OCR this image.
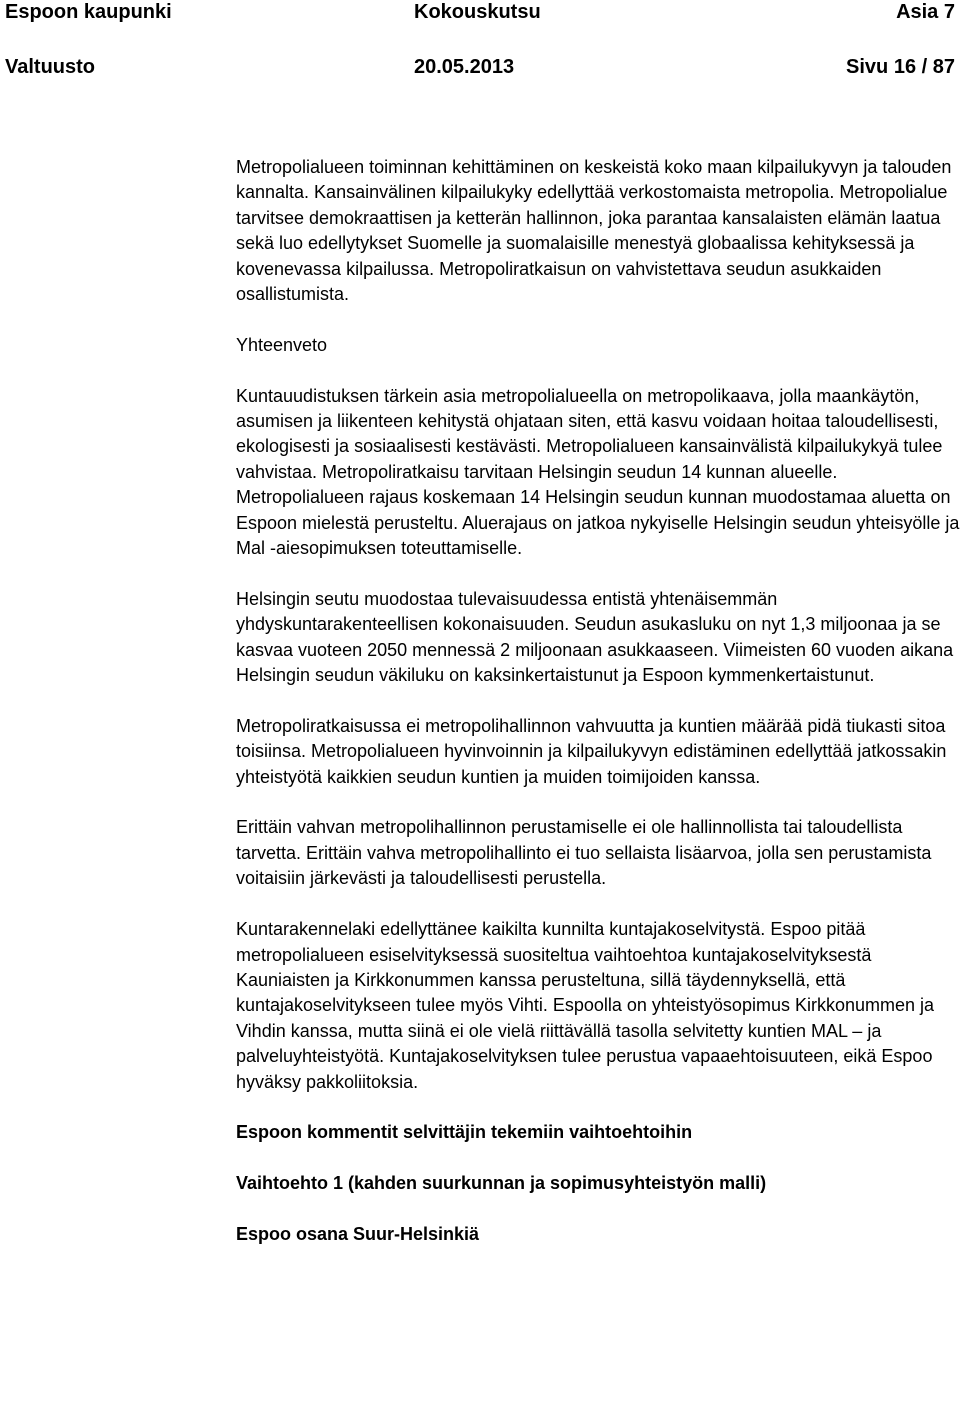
Espoon kaupunki	Kokouskutsu	Asia 7
Valtuusto	20.05.2013	Sivu 16 / 87

Metropolialueen toiminnan kehittäminen on keskeistä koko maan kilpailukyvyn ja talouden kannalta. Kansainvälinen kilpailukyky edellyttää verkostomaista metropolia. Metropolialue tarvitsee demokraattisen ja ketterän hallinnon, joka parantaa kansalaisten elämän laatua sekä luo edellytykset Suomelle ja suomalaisille menestyä globaalissa kehityksessä ja kovenevassa kilpailussa. Metropoliratkaisun on vahvistettava seudun asukkaiden osallistumista.

Yhteenveto

Kuntauudistuksen tärkein asia metropolialueella on metropolikaava, jolla maankäytön, asumisen ja liikenteen kehitystä ohjataan siten, että kasvu voidaan hoitaa taloudellisesti, ekologisesti ja sosiaalisesti kestävästi. Metropolialueen kansainvälistä kilpailukykyä tulee vahvistaa. Metropoliratkaisu tarvitaan Helsingin seudun 14 kunnan alueelle. Metropolialueen rajaus koskemaan 14 Helsingin seudun kunnan muodostamaa aluetta on Espoon mielestä perusteltu. Aluerajaus on jatkoa nykyiselle Helsingin seudun yhteisyölle ja Mal -aiesopimuksen toteuttamiselle.

Helsingin seutu muodostaa tulevaisuudessa entistä yhtenäisemmän yhdyskuntarakenteellisen kokonaisuuden. Seudun asukasluku on nyt 1,3 miljoonaa ja se kasvaa vuoteen 2050 mennessä 2 miljoonaan asukkaaseen. Viimeisten 60 vuoden aikana Helsingin seudun väkiluku on kaksinkertaistunut ja Espoon kymmenkertaistunut.

Metropoliratkaisussa ei metropolihallinnon vahvuutta ja kuntien määrää pidä tiukasti sitoa toisiinsa. Metropolialueen hyvinvoinnin ja kilpailukyvyn edistäminen edellyttää jatkossakin yhteistyötä kaikkien seudun kuntien ja muiden toimijoiden kanssa.

Erittäin vahvan metropolihallinnon perustamiselle ei ole hallinnollista tai taloudellista tarvetta. Erittäin vahva metropolihallinto ei tuo sellaista lisäarvoa, jolla sen perustamista voitaisiin järkevästi ja taloudellisesti perustella.

Kuntarakennelaki edellyttänee kaikilta kunnilta kuntajakoselvitystä. Espoo pitää metropolialueen esiselvityksessä suositeltua vaihtoehtoa kuntajakoselvityksestä Kauniaisten ja Kirkkonummen kanssa perusteltuna, sillä täydennyksellä, että kuntajakoselvitykseen tulee myös Vihti. Espoolla on yhteistyösopimus Kirkkonummen ja Vihdin kanssa, mutta siinä ei ole vielä riittävällä tasolla selvitetty kuntien MAL – ja palveluyhteistyötä. Kuntajakoselvityksen tulee perustua vapaaehtoisuuteen, eikä Espoo hyväksy pakkoliitoksia.

Espoon kommentit selvittäjin tekemiin vaihtoehtoihin

Vaihtoehto 1 (kahden suurkunnan ja sopimusyhteistyön malli)

Espoo osana Suur-Helsinkiä
